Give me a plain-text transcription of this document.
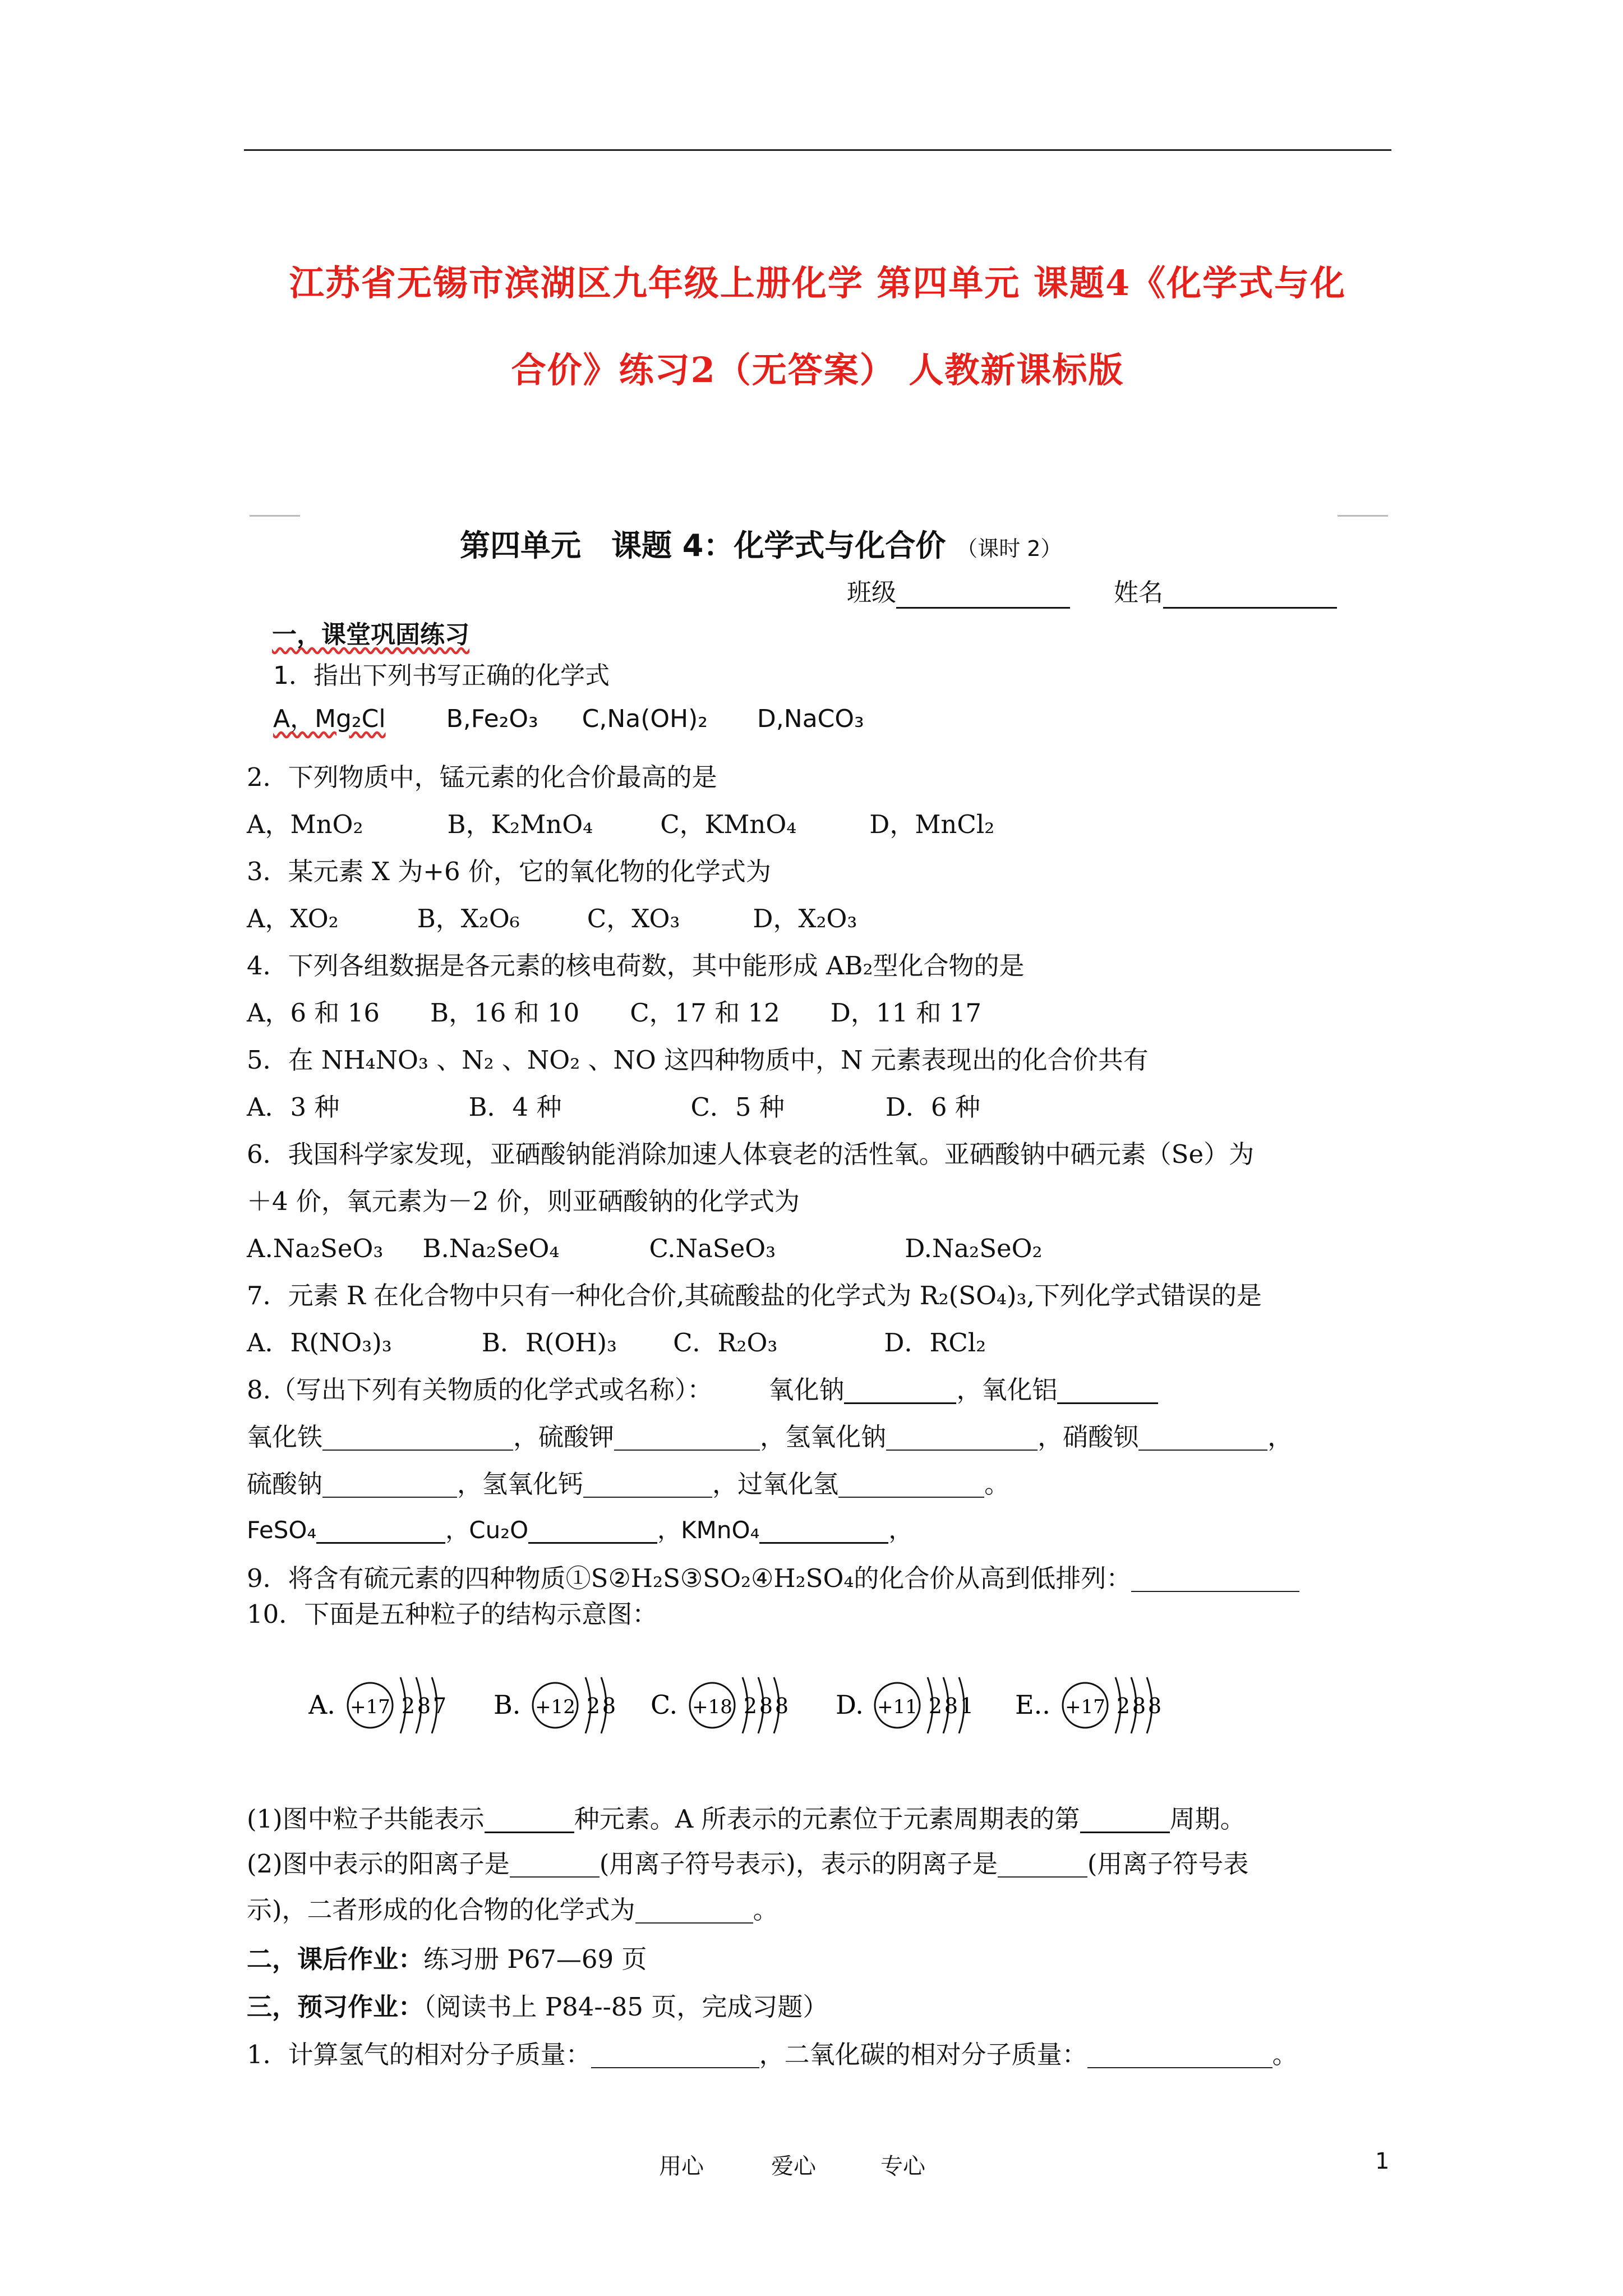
江苏省无锡市滨湖区九年级上册化学 第四单元 课题4《化学式与化
合价》练习2（无答案） 人教新课标版
第四单元　课题 4：化学式与化合价 （课时 2）
班级	姓名
一，课堂巩固练习
1．指出下列书写正确的化学式
A，Mg₂Cl B,Fe₂O₃ C,Na(OH)₂ D,NaCO₃
2．下列物质中，锰元素的化合价最高的是
A，MnO₂	B，K₂MnO₄	C，KMnO₄	D，MnCl₂
3．某元素 X 为+6 价，它的氧化物的化学式为
A，XO₂	B，X₂O₆	C，XO₃	D，X₂O₃
4．下列各组数据是各元素的核电荷数，其中能形成 AB₂型化合物的是
A，6 和 16 B，16 和 10 C，17 和 12 D，11 和 17
5．在 NH₄NO₃ 、N₂ 、NO₂ 、NO 这四种物质中，N 元素表现出的化合价共有
A．3 种	B．4 种	C．5 种	D．6 种
6．我国科学家发现，亚硒酸钠能消除加速人体衰老的活性氧。亚硒酸钠中硒元素（Se）为
＋4 价，氧元素为－2 价，则亚硒酸钠的化学式为
A.Na₂SeO₃ B.Na₂SeO₄	C.NaSeO₃	D.Na₂SeO₂
7．元素 R 在化合物中只有一种化合价,其硫酸盐的化学式为 R₂(SO₄)₃,下列化学式错误的是
A．R(NO₃)₃	B．R(OH)₃ C．R₂O₃	D．RCl₂
8.（写出下列有关物质的化学式或名称）： 氧化钠	，氧化铝
氧化铁	，硫酸钾	，氢氧化钠	，硝酸钡	，
硫酸钠	，氢氧化钙	，过氧化氢	。
FeSO₄	，Cu₂O	，KMnO₄	，
9．将含有硫元素的四种物质①S②H₂S③SO₂④H₂SO₄的化合价从高到低排列：
10．下面是五种粒子的结构示意图：
A. +17 2 8 7 B. +12 2 8 C. +18 2 8 8 D. +11 2 8 1 E.. +17 2 8 8
(1)图中粒子共能表示	种元素。A 所表示的元素位于元素周期表的第	周期。
(2)图中表示的阳离子是	(用离子符号表示)，表示的阴离子是	(用离子符号表
示)，二者形成的化合物的化学式为	。
二，课后作业：练习册 P67—69 页
三，预习作业：（阅读书上 P84--85 页，完成习题）
1．计算氢气的相对分子质量：	，二氧化碳的相对分子质量：	。
用心	爱心	专心	1
